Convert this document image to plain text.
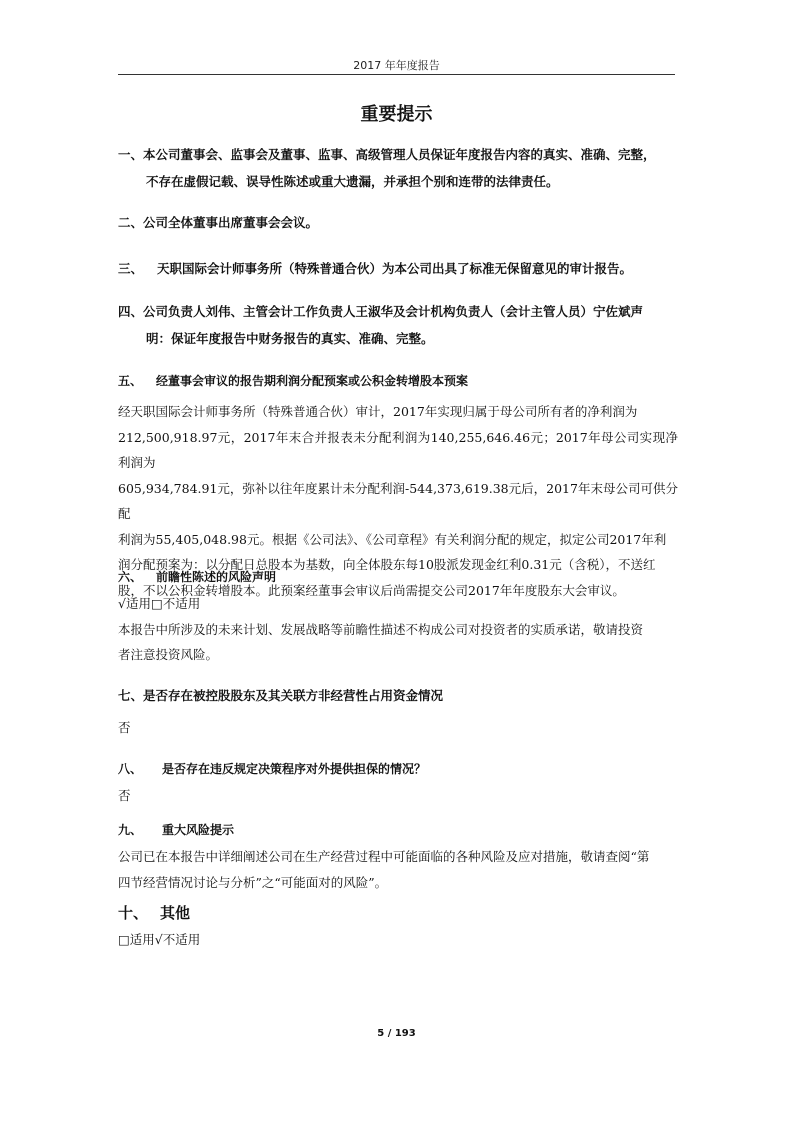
2017 年年度报告
重要提示

一、本公司董事会、监事会及董事、监事、高级管理人员保证年度报告内容的真实、准确、完整，

不存在虚假记载、误导性陈述或重大遗漏，并承担个别和连带的法律责任。

二、公司全体董事出席董事会会议。

三、 天职国际会计师事务所（特殊普通合伙）为本公司出具了标准无保留意见的审计报告。

四、公司负责人刘伟、主管会计工作负责人王淑华及会计机构负责人（会计主管人员）宁佐斌声

明：保证年度报告中财务报告的真实、准确、完整。

五、 经董事会审议的报告期利润分配预案或公积金转增股本预案

经天职国际会计师事务所（特殊普通合伙）审计，2017年实现归属于母公司所有者的净利润为

212,500,918.97元，2017年末合并报表未分配利润为140,255,646.46元；2017年母公司实现净利润为

605,934,784.91元，弥补以往年度累计未分配利润-544,373,619.38元后，2017年末母公司可供分配

利润为55,405,048.98元。根据《公司法》、《公司章程》有关利润分配的规定，拟定公司2017年利

润分配预案为：以分配日总股本为基数，向全体股东每10股派发现金红利0.31元（含税），不送红

股，不以公积金转增股本。此预案经董事会审议后尚需提交公司2017年年度股东大会审议。

六、 前瞻性陈述的风险声明

√适用□不适用

本报告中所涉及的未来计划、发展战略等前瞻性描述不构成公司对投资者的实质承诺，敬请投资

者注意投资风险。

七、是否存在被控股股东及其关联方非经营性占用资金情况

否

八、 是否存在违反规定决策程序对外提供担保的情况？

否

九、 重大风险提示

公司已在本报告中详细阐述公司在生产经营过程中可能面临的各种风险及应对措施，敬请查阅“第

四节经营情况讨论与分析”之“可能面对的风险”。

十、 其他

□适用√不适用

5 / 193
